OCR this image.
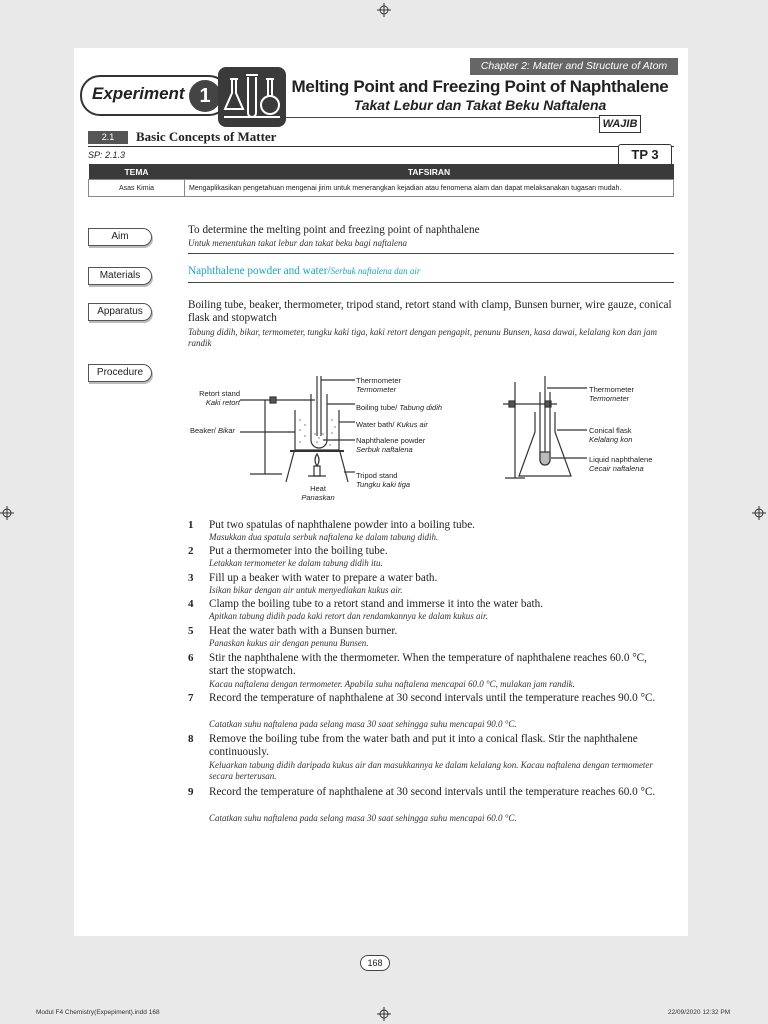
Chapter 2: Matter and Structure of Atom
Experiment 1	Melting Point and Freezing Point of Naphthalene
Takat Lebur dan Takat Beku Naftalena
WAJIB
2.1	Basic Concepts of Matter
SP: 2.1.3	TP 3
TEMA	TAFSIRAN
Asas Kimia	Mengaplikasikan pengetahuan mengenai jirim untuk menerangkan kejadian atau fenomena alam dan dapat melaksanakan tugasan mudah.
Aim
To determine the melting point and freezing point of naphthalene
Untuk menentukan takat lebur dan takat beku bagi naftalena
Materials	Naphthalene powder and water/Serbuk naftalena dan air
Apparatus
Boiling tube, beaker, thermometer, tripod stand, retort stand with clamp, Bunsen burner, wire gauze, conical flask and stopwatch
Tabung didih, bikar, termometer, tungku kaki tiga, kaki retort dengan pengapit, penunu Bunsen, kasa dawai, kelalang kon dan jam randik
Procedure
Retort stand
Kaki retort
Beaker/ Bikar
Thermometer
Termometer
Boiling tube/ Tabung didih
Water bath/ Kukus air
Naphthalene powder
Serbuk naftalena
Tripod stand
Tungku kaki tiga
Heat
Panaskan
Thermometer
Termometer
Conical flask
Kelalang kon
Liquid naphthalene
Cecair naftalena
1 Put two spatulas of naphthalene powder into a boiling tube.
Masukkan dua spatula serbuk naftalena ke dalam tabung didih.
2 Put a thermometer into the boiling tube.
Letakkan termometer ke dalam tabung didih itu.
3 Fill up a beaker with water to prepare a water bath.
Isikan bikar dengan air untuk menyediakan kukus air.
4 Clamp the boiling tube to a retort stand and immerse it into the water bath.
Apitkan tabung didih pada kaki retort dan rendamkannya ke dalam kukus air.
5 Heat the water bath with a Bunsen burner.
Panaskan kukus air dengan penunu Bunsen.
6 Stir the naphthalene with the thermometer. When the temperature of naphthalene reaches 60.0 °C, start the stopwatch.
Kacau naftalena dengan termometer. Apabila suhu naftalena mencapai 60.0 °C, mulakan jam randik.
7 Record the temperature of naphthalene at 30 second intervals until the temperature reaches 90.0 °C.
Catatkan suhu naftalena pada selang masa 30 saat sehingga suhu mencapai 90.0 °C.
8 Remove the boiling tube from the water bath and put it into a conical flask. Stir the naphthalene continuously.
Keluarkan tabung didih daripada kukus air dan masukkannya ke dalam kelalang kon. Kacau naftalena dengan termometer secara berterusan.
9 Record the temperature of naphthalene at 30 second intervals until the temperature reaches 60.0 °C.
Catatkan suhu naftalena pada selang masa 30 saat sehingga suhu mencapai 60.0 °C.
168
Modul F4 Chemistry(Expepiment).indd 168	22/09/2020 12:32 PM
